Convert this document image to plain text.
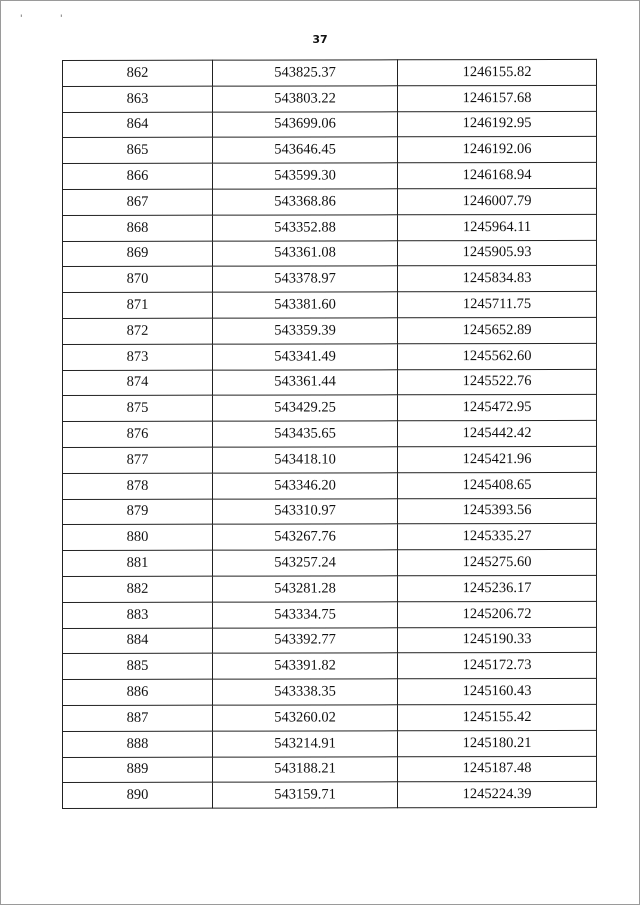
'	'
37
862	543825.37	1246155.82
863	543803.22	1246157.68
864	543699.06	1246192.95
865	543646.45	1246192.06
866	543599.30	1246168.94
867	543368.86	1246007.79
868	543352.88	1245964.11
869	543361.08	1245905.93
870	543378.97	1245834.83
871	543381.60	1245711.75
872	543359.39	1245652.89
873	543341.49	1245562.60
874	543361.44	1245522.76
875	543429.25	1245472.95
876	543435.65	1245442.42
877	543418.10	1245421.96
878	543346.20	1245408.65
879	543310.97	1245393.56
880	543267.76	1245335.27
881	543257.24	1245275.60
882	543281.28	1245236.17
883	543334.75	1245206.72
884	543392.77	1245190.33
885	543391.82	1245172.73
886	543338.35	1245160.43
887	543260.02	1245155.42
888	543214.91	1245180.21
889	543188.21	1245187.48
890	543159.71	1245224.39
